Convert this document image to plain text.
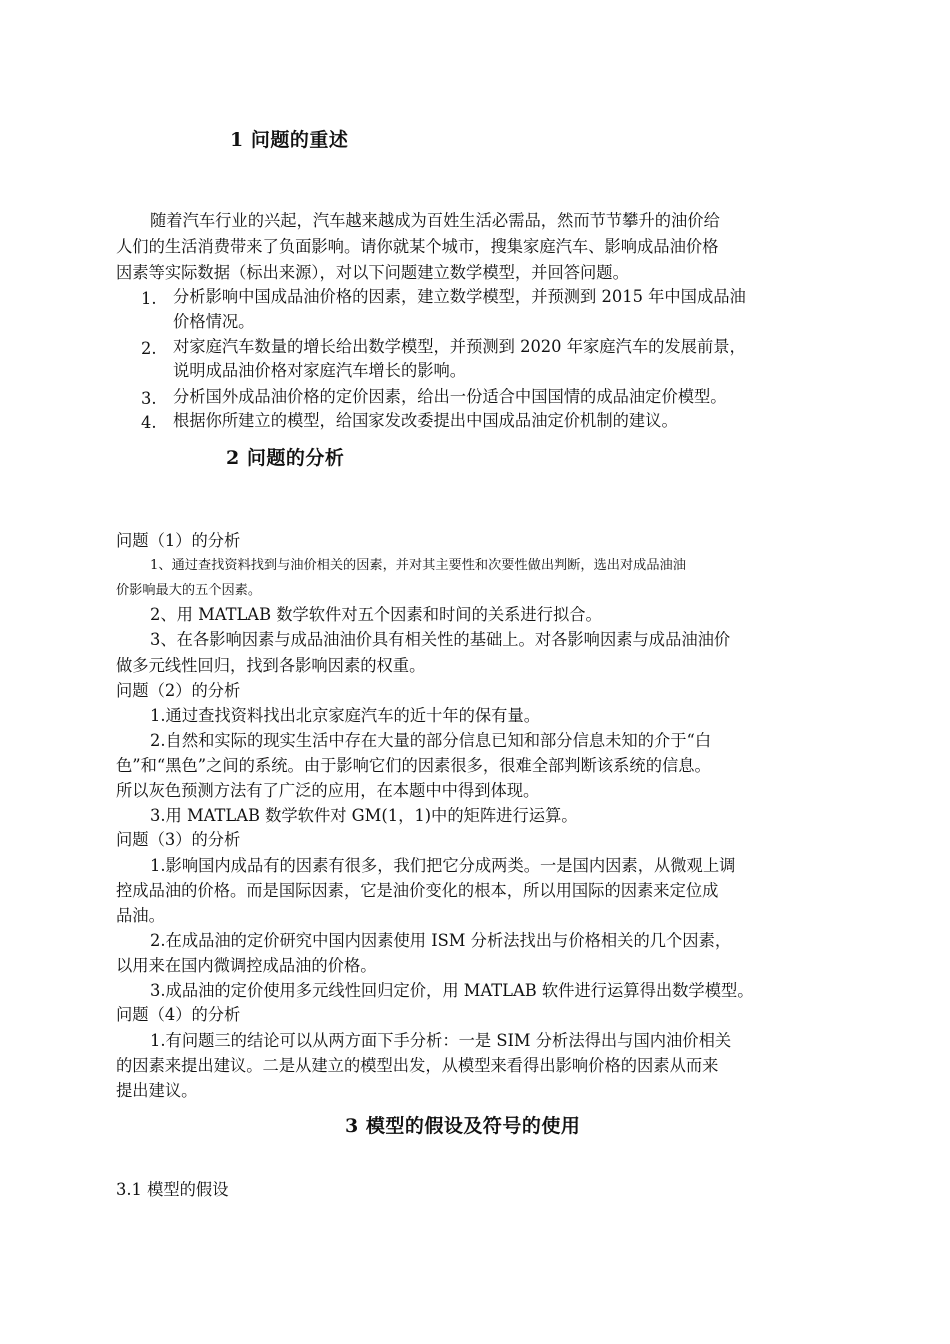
1 问题的重述
随着汽车行业的兴起，汽车越来越成为百姓生活必需品，然而节节攀升的油价给
人们的生活消费带来了负面影响。请你就某个城市，搜集家庭汽车、影响成品油价格
因素等实际数据（标出来源），对以下问题建立数学模型，并回答问题。
1. 分析影响中国成品油价格的因素，建立数学模型，并预测到 2015 年中国成品油
价格情况。
2. 对家庭汽车数量的增长给出数学模型，并预测到 2020 年家庭汽车的发展前景，
说明成品油价格对家庭汽车增长的影响。
3. 分析国外成品油价格的定价因素，给出一份适合中国国情的成品油定价模型。
4. 根据你所建立的模型，给国家发改委提出中国成品油定价机制的建议。
2 问题的分析
问题（1）的分析
1、通过查找资料找到与油价相关的因素，并对其主要性和次要性做出判断，选出对成品油油
价影响最大的五个因素。
2、用 MATLAB 数学软件对五个因素和时间的关系进行拟合。
3、在各影响因素与成品油油价具有相关性的基础上。对各影响因素与成品油油价
做多元线性回归，找到各影响因素的权重。
问题（2）的分析
1.通过查找资料找出北京家庭汽车的近十年的保有量。
2.自然和实际的现实生活中存在大量的部分信息已知和部分信息未知的介于“白
色”和“黑色”之间的系统。由于影响它们的因素很多，很难全部判断该系统的信息。
所以灰色预测方法有了广泛的应用，在本题中中得到体现。
3.用 MATLAB 数学软件对 GM(1，1)中的矩阵进行运算。
问题（3）的分析
1.影响国内成品有的因素有很多，我们把它分成两类。一是国内因素，从微观上调
控成品油的价格。而是国际因素，它是油价变化的根本，所以用国际的因素来定位成
品油。
2.在成品油的定价研究中国内因素使用 ISM 分析法找出与价格相关的几个因素，
以用来在国内微调控成品油的价格。
3.成品油的定价使用多元线性回归定价，用 MATLAB 软件进行运算得出数学模型。
问题（4）的分析
1.有问题三的结论可以从两方面下手分析：一是 SIM 分析法得出与国内油价相关
的因素来提出建议。二是从建立的模型出发，从模型来看得出影响价格的因素从而来
提出建议。
3 模型的假设及符号的使用
3.1 模型的假设
